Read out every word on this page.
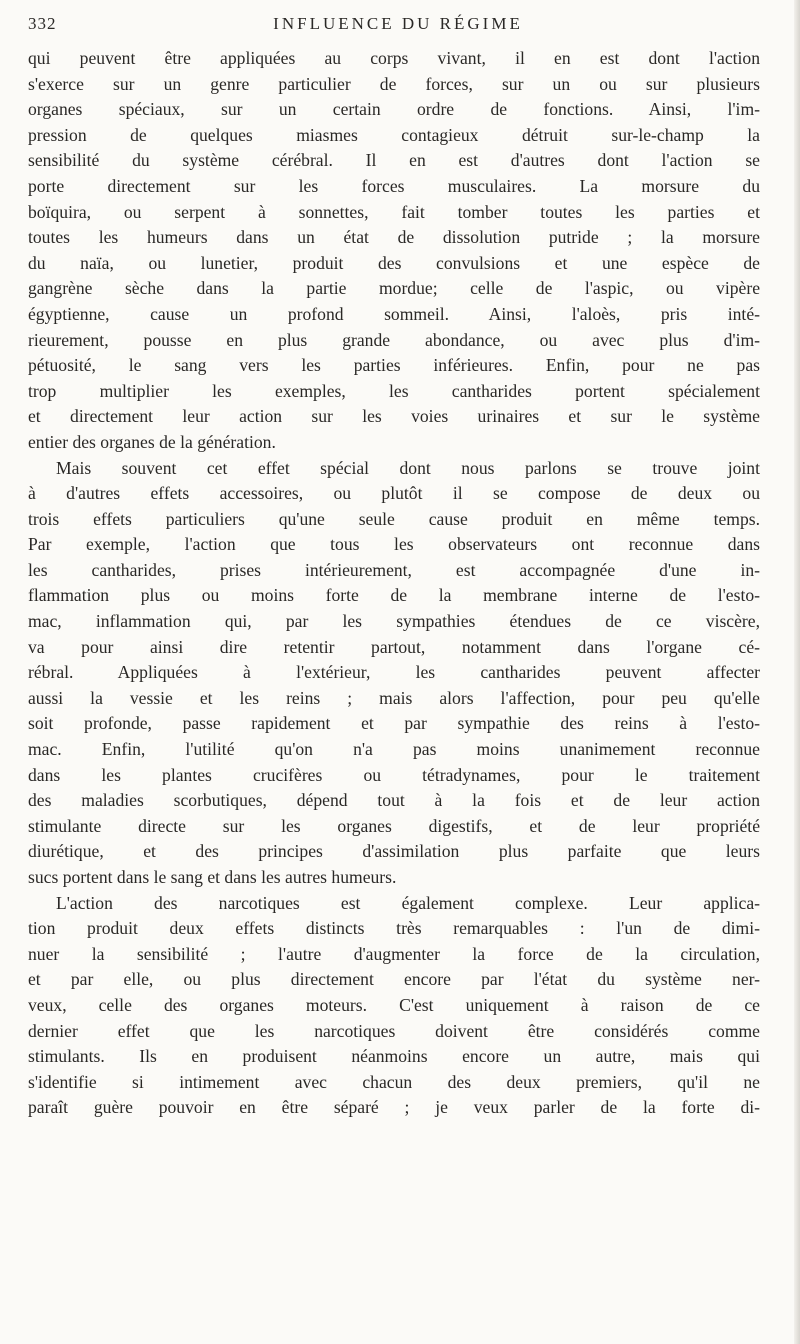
INFLUENCE DU RÉGIME
332
qui peuvent être appliquées au corps vivant, il en est dont l'action
s'exerce sur un genre particulier de forces, sur un ou sur plusieurs
organes spéciaux, sur un certain ordre de fonctions. Ainsi, l'im-
pression de quelques miasmes contagieux détruit sur-le-champ la
sensibilité du système cérébral. Il en est d'autres dont l'action se
porte directement sur les forces musculaires. La morsure du
boïquira, ou serpent à sonnettes, fait tomber toutes les parties et
toutes les humeurs dans un état de dissolution putride ; la morsure
du naïa, ou lunetier, produit des convulsions et une espèce de
gangrène sèche dans la partie mordue; celle de l'aspic, ou vipère
égyptienne, cause un profond sommeil. Ainsi, l'aloès, pris inté-
rieurement, pousse en plus grande abondance, ou avec plus d'im-
pétuosité, le sang vers les parties inférieures. Enfin, pour ne pas
trop multiplier les exemples, les cantharides portent spécialement
et directement leur action sur les voies urinaires et sur le système
entier des organes de la génération.
Mais souvent cet effet spécial dont nous parlons se trouve joint
à d'autres effets accessoires, ou plutôt il se compose de deux ou
trois effets particuliers qu'une seule cause produit en même temps.
Par exemple, l'action que tous les observateurs ont reconnue dans
les cantharides, prises intérieurement, est accompagnée d'une in-
flammation plus ou moins forte de la membrane interne de l'esto-
mac, inflammation qui, par les sympathies étendues de ce viscère,
va pour ainsi dire retentir partout, notamment dans l'organe cé-
rébral. Appliquées à l'extérieur, les cantharides peuvent affecter
aussi la vessie et les reins ; mais alors l'affection, pour peu qu'elle
soit profonde, passe rapidement et par sympathie des reins à l'esto-
mac. Enfin, l'utilité qu'on n'a pas moins unanimement reconnue
dans les plantes crucifères ou tétradynames, pour le traitement
des maladies scorbutiques, dépend tout à la fois et de leur action
stimulante directe sur les organes digestifs, et de leur propriété
diurétique, et des principes d'assimilation plus parfaite que leurs
sucs portent dans le sang et dans les autres humeurs.
L'action des narcotiques est également complexe. Leur applica-
tion produit deux effets distincts très remarquables : l'un de dimi-
nuer la sensibilité ; l'autre d'augmenter la force de la circulation,
et par elle, ou plus directement encore par l'état du système ner-
veux, celle des organes moteurs. C'est uniquement à raison de ce
dernier effet que les narcotiques doivent être considérés comme
stimulants. Ils en produisent néanmoins encore un autre, mais qui
s'identifie si intimement avec chacun des deux premiers, qu'il ne
paraît guère pouvoir en être séparé ; je veux parler de la forte di-
